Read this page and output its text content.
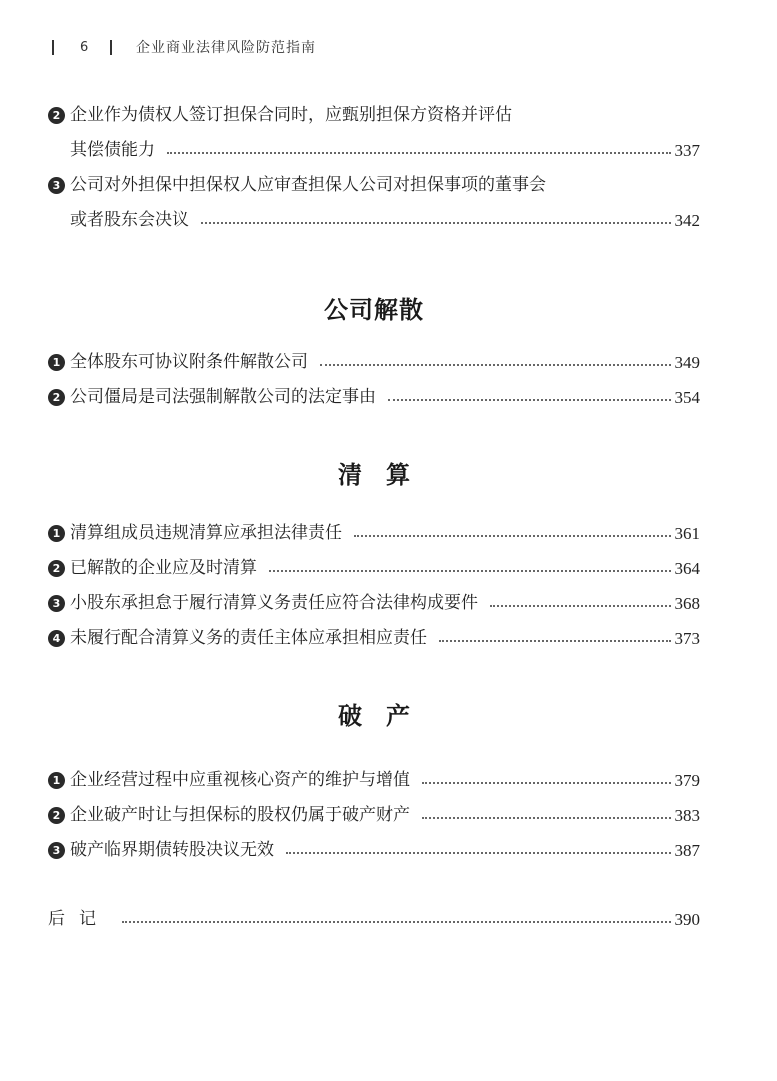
6	企业商业法律风险防范指南
2 企业作为债权人签订担保合同时，应甄别担保方资格并评估
其偿债能力	337
3 公司对外担保中担保权人应审查担保人公司对担保事项的董事会
或者股东会决议	342
公司解散
1 全体股东可协议附条件解散公司	349
2 公司僵局是司法强制解散公司的法定事由	354
清算
1 清算组成员违规清算应承担法律责任	361
2 已解散的企业应及时清算	364
3 小股东承担怠于履行清算义务责任应符合法律构成要件	368
4 未履行配合清算义务的责任主体应承担相应责任	373
破产
1 企业经营过程中应重视核心资产的维护与增值	379
2 企业破产时让与担保标的股权仍属于破产财产	383
3 破产临界期债转股决议无效	387
后记	390
